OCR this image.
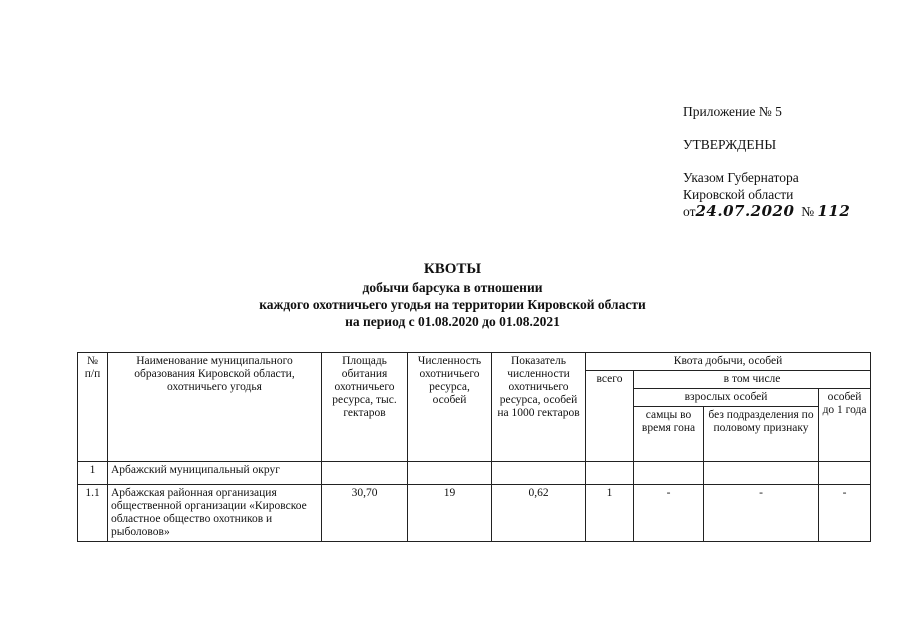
Приложение № 5
УТВЕРЖДЕНЫ
Указом Губернатора
Кировской области
от24.07.2020 № 112
КВОТЫ
добычи барсука в отношении
каждого охотничьего угодья на территории Кировской области
на период с 01.08.2020 до 01.08.2021
№ п/п	Наименование муниципального образования Кировской области, охотничьего угодья	Площадь обитания охотничьего ресурса, тыс. гектаров	Численность охотничьего ресурса, особей	Показатель численности охотничьего ресурса, особей на 1000 гектаров	Квота добычи, особей			
					всего	в том числе		
						взрослых особей		особей до 1 года
						самцы во время гона	без подразделения по половому признаку	
1	Арбажский муниципальный округ							
1.1	Арбажская районная организация общественной организации «Кировское областное общество охотников и рыболовов»	30,70	19	0,62	1	-	-	-
